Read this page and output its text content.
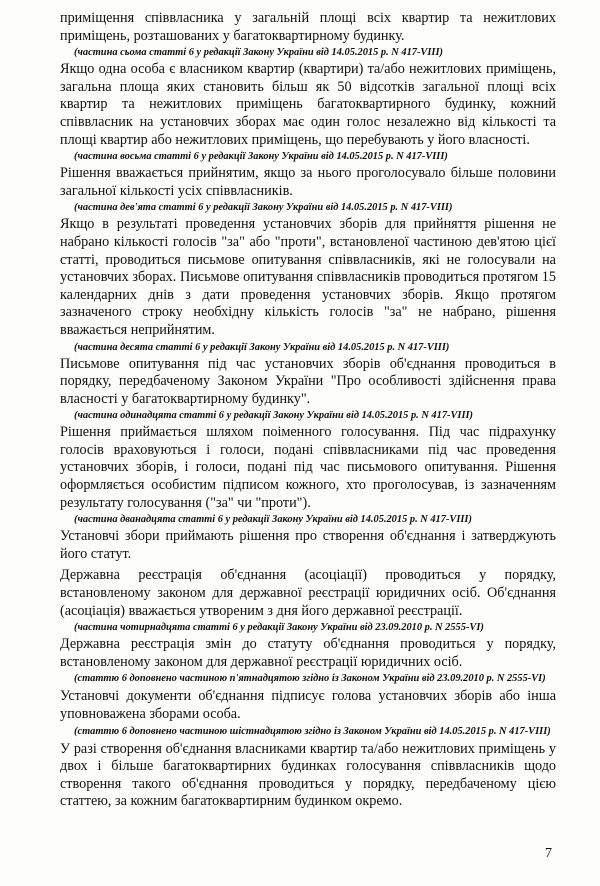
приміщення співвласника у загальній площі всіх квартир та нежитлових приміщень, розташованих у багатоквартирному будинку.

(частина сьома статті 6 у редакції Закону України від 14.05.2015 р. N 417-VIII)

Якщо одна особа є власником квартир (квартири) та/або нежитлових приміщень, загальна площа яких становить більш як 50 відсотків загальної площі всіх квартир та нежитлових приміщень багатоквартирного будинку, кожний співвласник на установчих зборах має один голос незалежно від кількості та площі квартир або нежитлових приміщень, що перебувають у його власності.

(частина восьма статті 6 у редакції Закону України від 14.05.2015 р. N 417-VIII)

Рішення вважається прийнятим, якщо за нього проголосувало більше половини загальної кількості усіх співвласників.

(частина дев'ята статті 6 у редакції Закону України від 14.05.2015 р. N 417-VIII)

Якщо в результаті проведення установчих зборів для прийняття рішення не набрано кількості голосів "за" або "проти", встановленої частиною дев'ятою цієї статті, проводиться письмове опитування співвласників, які не голосували на установчих зборах. Письмове опитування співвласників проводиться протягом 15 календарних днів з дати проведення установчих зборів. Якщо протягом зазначеного строку необхідну кількість голосів "за" не набрано, рішення вважається неприйнятим.

(частина десята статті 6 у редакції Закону України від 14.05.2015 р. N 417-VIII)

Письмове опитування під час установчих зборів об'єднання проводиться в порядку, передбаченому Законом України "Про особливості здійснення права власності у багатоквартирному будинку".

(частина одинадцята статті 6 у редакції Закону України від 14.05.2015 р. N 417-VIII)

Рішення приймається шляхом поіменного голосування. Під час підрахунку голосів враховуються і голоси, подані співвласниками під час проведення установчих зборів, і голоси, подані під час письмового опитування. Рішення оформляється особистим підписом кожного, хто проголосував, із зазначенням результату голосування ("за" чи "проти").

(частина дванадцята статті 6 у редакції Закону України від 14.05.2015 р. N 417-VIII)

Установчі збори приймають рішення про створення об'єднання і затверджують його статут.

Державна реєстрація об'єднання (асоціації) проводиться у порядку, встановленому законом для державної реєстрації юридичних осіб. Об'єднання (асоціація) вважається утвореним з дня його державної реєстрації.

(частина чотирнадцята статті 6 у редакції Закону України від 23.09.2010 р. N 2555-VI)

Державна реєстрація змін до статуту об'єднання проводиться у порядку, встановленому законом для державної реєстрації юридичних осіб.

(статтю 6 доповнено частиною п'ятнадцятою згідно із Законом України від 23.09.2010 р. N 2555-VI)

Установчі документи об'єднання підписує голова установчих зборів або інша уповноважена зборами особа.

(статтю 6 доповнено частиною шістнадцятою згідно із Законом України від 14.05.2015 р. N 417-VIII)

У разі створення об'єднання власниками квартир та/або нежитлових приміщень у двох і більше багатоквартирних будинках голосування співвласників щодо створення такого об'єднання проводиться у порядку, передбаченому цією статтею, за кожним багатоквартирним будинком окремо.

7
